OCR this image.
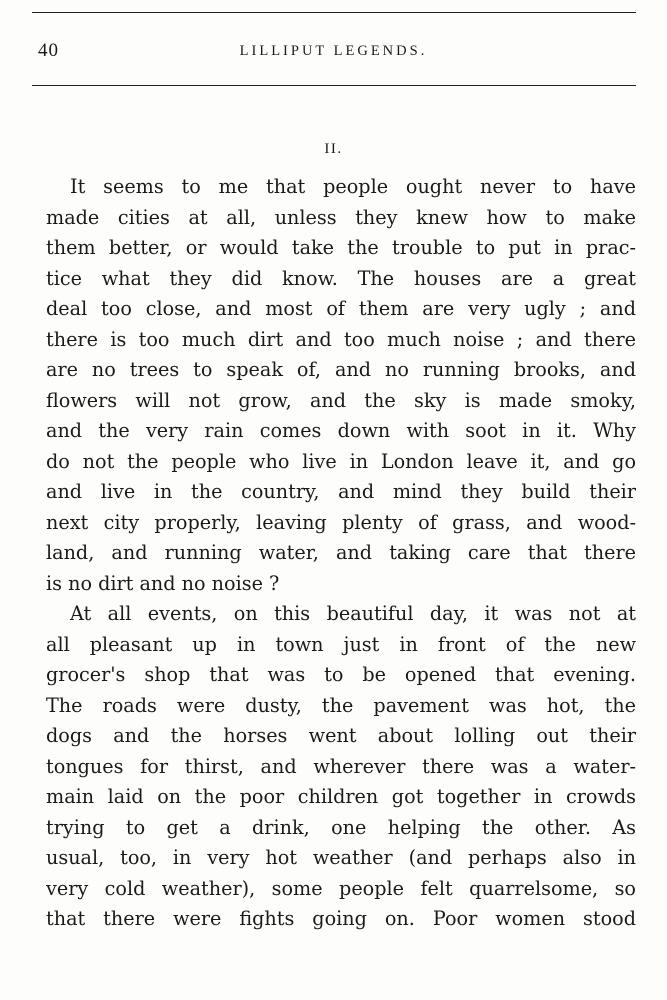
40	LILLIPUT LEGENDS.
II.
It seems to me that people ought never to have
made cities at all, unless they knew how to make
them better, or would take the trouble to put in prac-
tice what they did know. The houses are a great
deal too close, and most of them are very ugly ; and
there is too much dirt and too much noise ; and there
are no trees to speak of, and no running brooks, and
flowers will not grow, and the sky is made smoky,
and the very rain comes down with soot in it. Why
do not the people who live in London leave it, and go
and live in the country, and mind they build their
next city properly, leaving plenty of grass, and wood-
land, and running water, and taking care that there
is no dirt and no noise ?
At all events, on this beautiful day, it was not at
all pleasant up in town just in front of the new
grocer's shop that was to be opened that evening.
The roads were dusty, the pavement was hot, the
dogs and the horses went about lolling out their
tongues for thirst, and wherever there was a water-
main laid on the poor children got together in crowds
trying to get a drink, one helping the other. As
usual, too, in very hot weather (and perhaps also in
very cold weather), some people felt quarrelsome, so
that there were fights going on. Poor women stood
